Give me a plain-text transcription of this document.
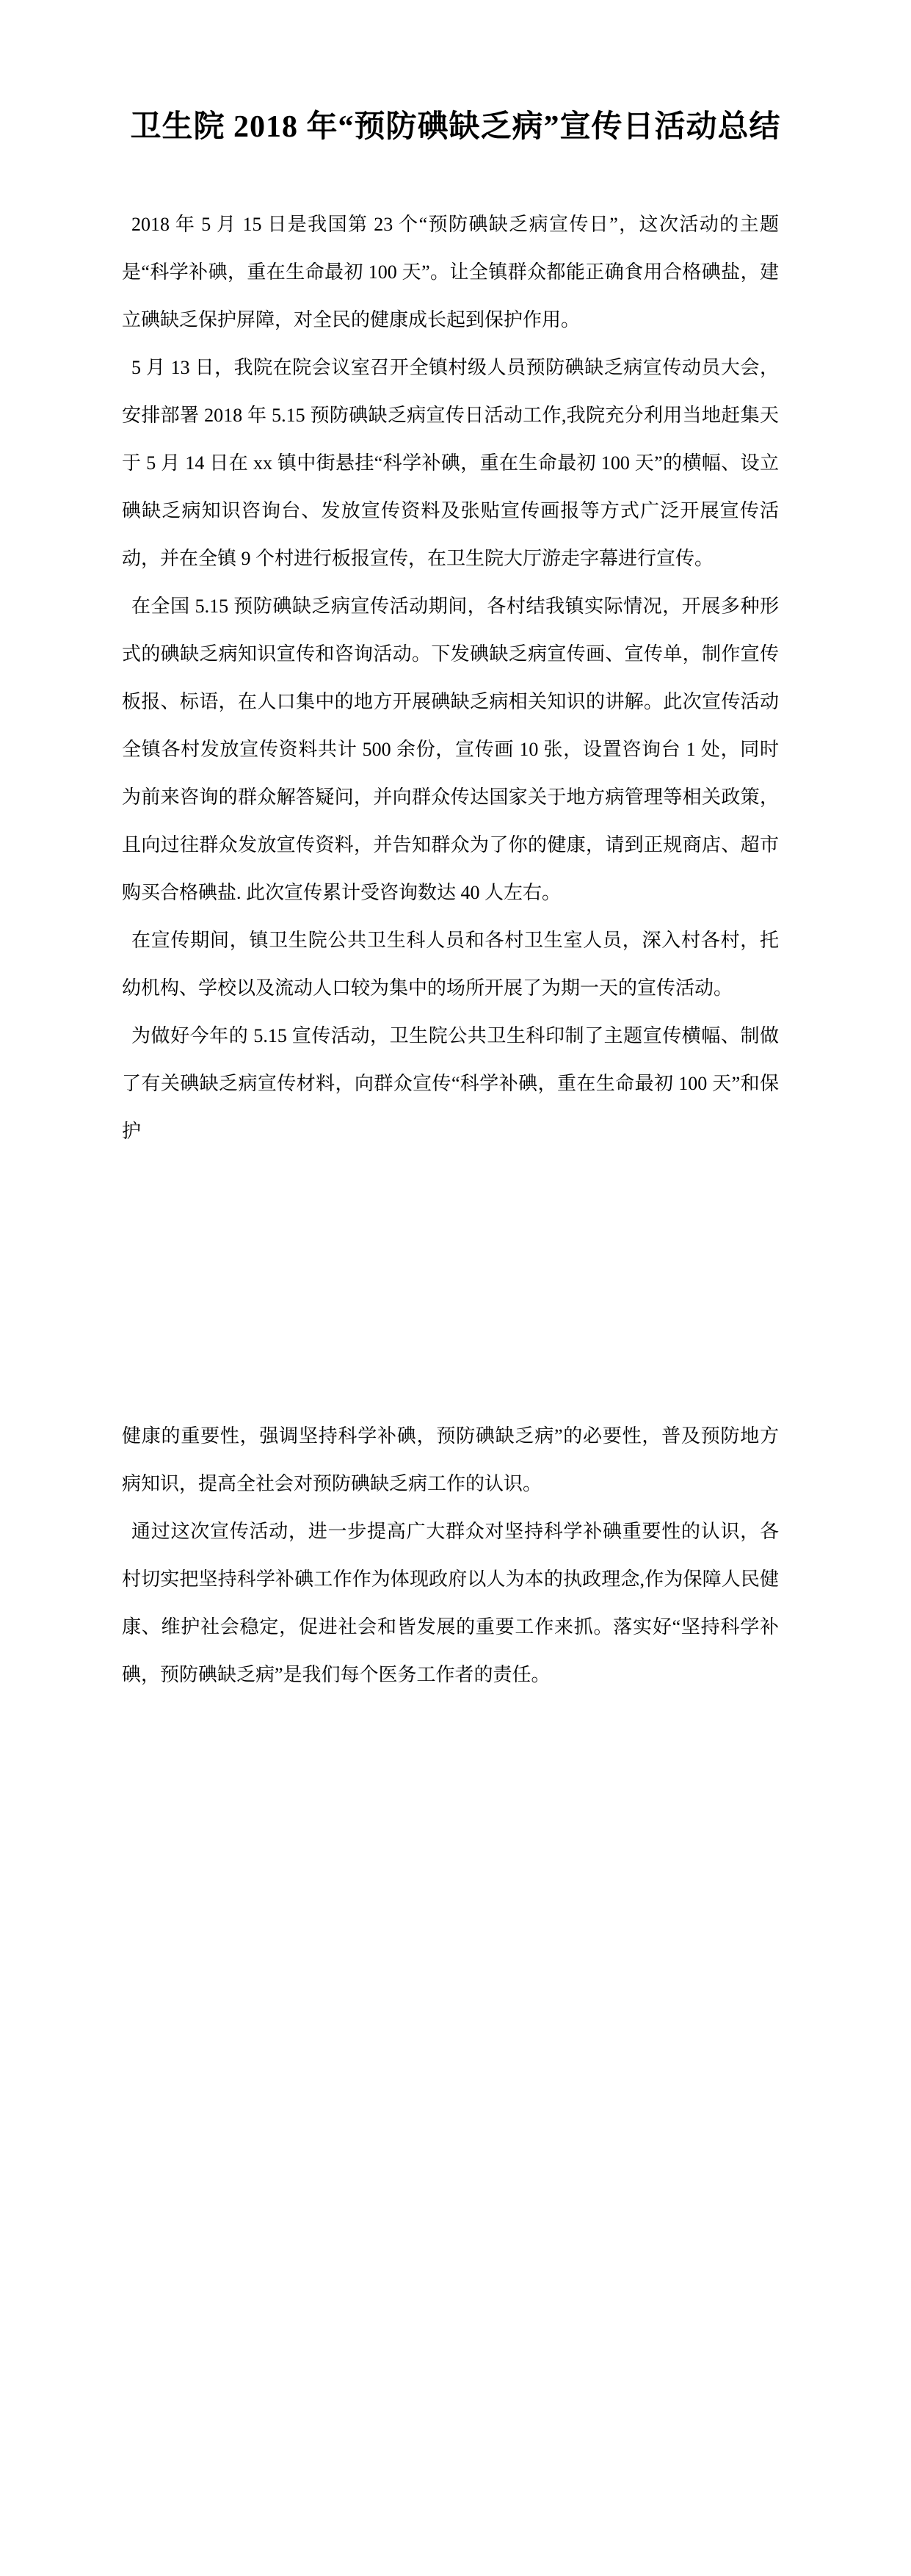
卫生院 2018 年“预防碘缺乏病”宣传日活动总结

2018 年 5 月 15 日是我国第 23 个“预防碘缺乏病宣传日”，这次活动的主题是“科学补碘，重在生命最初 100 天”。让全镇群众都能正确食用合格碘盐，建立碘缺乏保护屏障，对全民的健康成长起到保护作用。

5 月 13 日，我院在院会议室召开全镇村级人员预防碘缺乏病宣传动员大会，安排部署 2018 年 5.15 预防碘缺乏病宣传日活动工作,我院充分利用当地赶集天于 5 月 14 日在 xx 镇中街悬挂“科学补碘，重在生命最初 100 天”的横幅、设立碘缺乏病知识咨询台、发放宣传资料及张贴宣传画报等方式广泛开展宣传活动，并在全镇 9 个村进行板报宣传，在卫生院大厅游走字幕进行宣传。

在全国 5.15 预防碘缺乏病宣传活动期间，各村结我镇实际情况，开展多种形式的碘缺乏病知识宣传和咨询活动。下发碘缺乏病宣传画、宣传单，制作宣传板报、标语，在人口集中的地方开展碘缺乏病相关知识的讲解。此次宣传活动全镇各村发放宣传资料共计 500 余份，宣传画 10 张，设置咨询台 1 处，同时为前来咨询的群众解答疑问，并向群众传达国家关于地方病管理等相关政策，且向过往群众发放宣传资料，并告知群众为了你的健康，请到正规商店、超市购买合格碘盐. 此次宣传累计受咨询数达 40 人左右。

在宣传期间，镇卫生院公共卫生科人员和各村卫生室人员，深入村各村，托幼机构、学校以及流动人口较为集中的场所开展了为期一天的宣传活动。

为做好今年的 5.15 宣传活动，卫生院公共卫生科印制了主题宣传横幅、制做了有关碘缺乏病宣传材料，向群众宣传“科学补碘，重在生命最初 100 天”和保护

健康的重要性，强调坚持科学补碘，预防碘缺乏病”的必要性，普及预防地方病知识，提高全社会对预防碘缺乏病工作的认识。

通过这次宣传活动，进一步提高广大群众对坚持科学补碘重要性的认识，各村切实把坚持科学补碘工作作为体现政府以人为本的执政理念,作为保障人民健康、维护社会稳定，促进社会和皆发展的重要工作来抓。落实好“坚持科学补碘，预防碘缺乏病”是我们每个医务工作者的责任。
